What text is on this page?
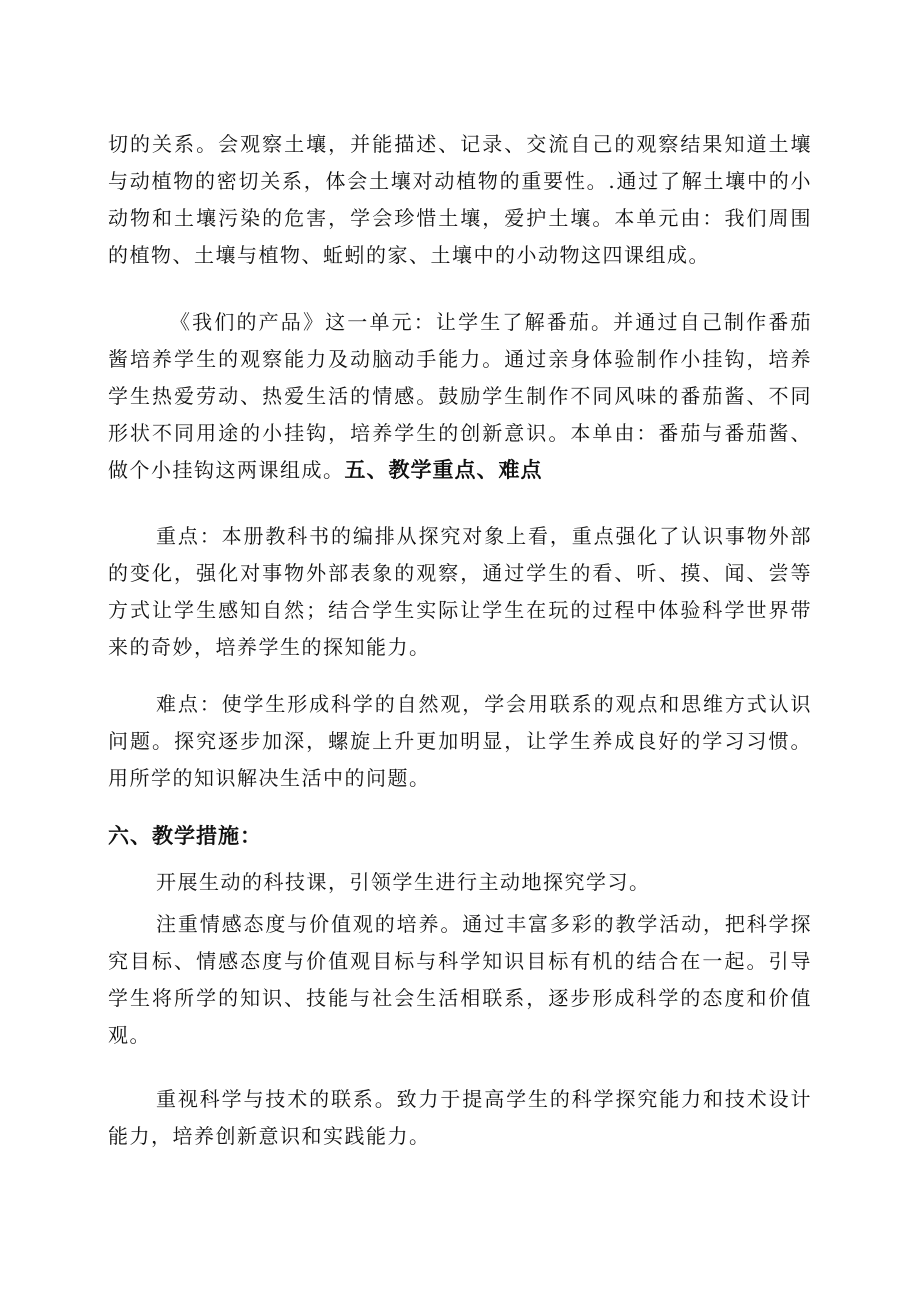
切的关系。会观察土壤，并能描述、记录、交流自己的观察结果知道土壤与动植物的密切关系，体会土壤对动植物的重要性。.通过了解土壤中的小动物和土壤污染的危害，学会珍惜土壤，爱护土壤。本单元由：我们周围的植物、土壤与植物、蚯蚓的家、土壤中的小动物这四课组成。

《我们的产品》这一单元：让学生了解番茄。并通过自己制作番茄酱培养学生的观察能力及动脑动手能力。通过亲身体验制作小挂钩，培养学生热爱劳动、热爱生活的情感。鼓励学生制作不同风味的番茄酱、不同形状不同用途的小挂钩，培养学生的创新意识。本单由：番茄与番茄酱、做个小挂钩这两课组成。五、教学重点、难点

重点：本册教科书的编排从探究对象上看，重点强化了认识事物外部的变化，强化对事物外部表象的观察，通过学生的看、听、摸、闻、尝等方式让学生感知自然；结合学生实际让学生在玩的过程中体验科学世界带来的奇妙，培养学生的探知能力。

难点：使学生形成科学的自然观，学会用联系的观点和思维方式认识问题。探究逐步加深，螺旋上升更加明显，让学生养成良好的学习习惯。用所学的知识解决生活中的问题。

六、教学措施：

开展生动的科技课，引领学生进行主动地探究学习。

注重情感态度与价值观的培养。通过丰富多彩的教学活动，把科学探究目标、情感态度与价值观目标与科学知识目标有机的结合在一起。引导学生将所学的知识、技能与社会生活相联系，逐步形成科学的态度和价值观。

重视科学与技术的联系。致力于提高学生的科学探究能力和技术设计能力，培养创新意识和实践能力。
